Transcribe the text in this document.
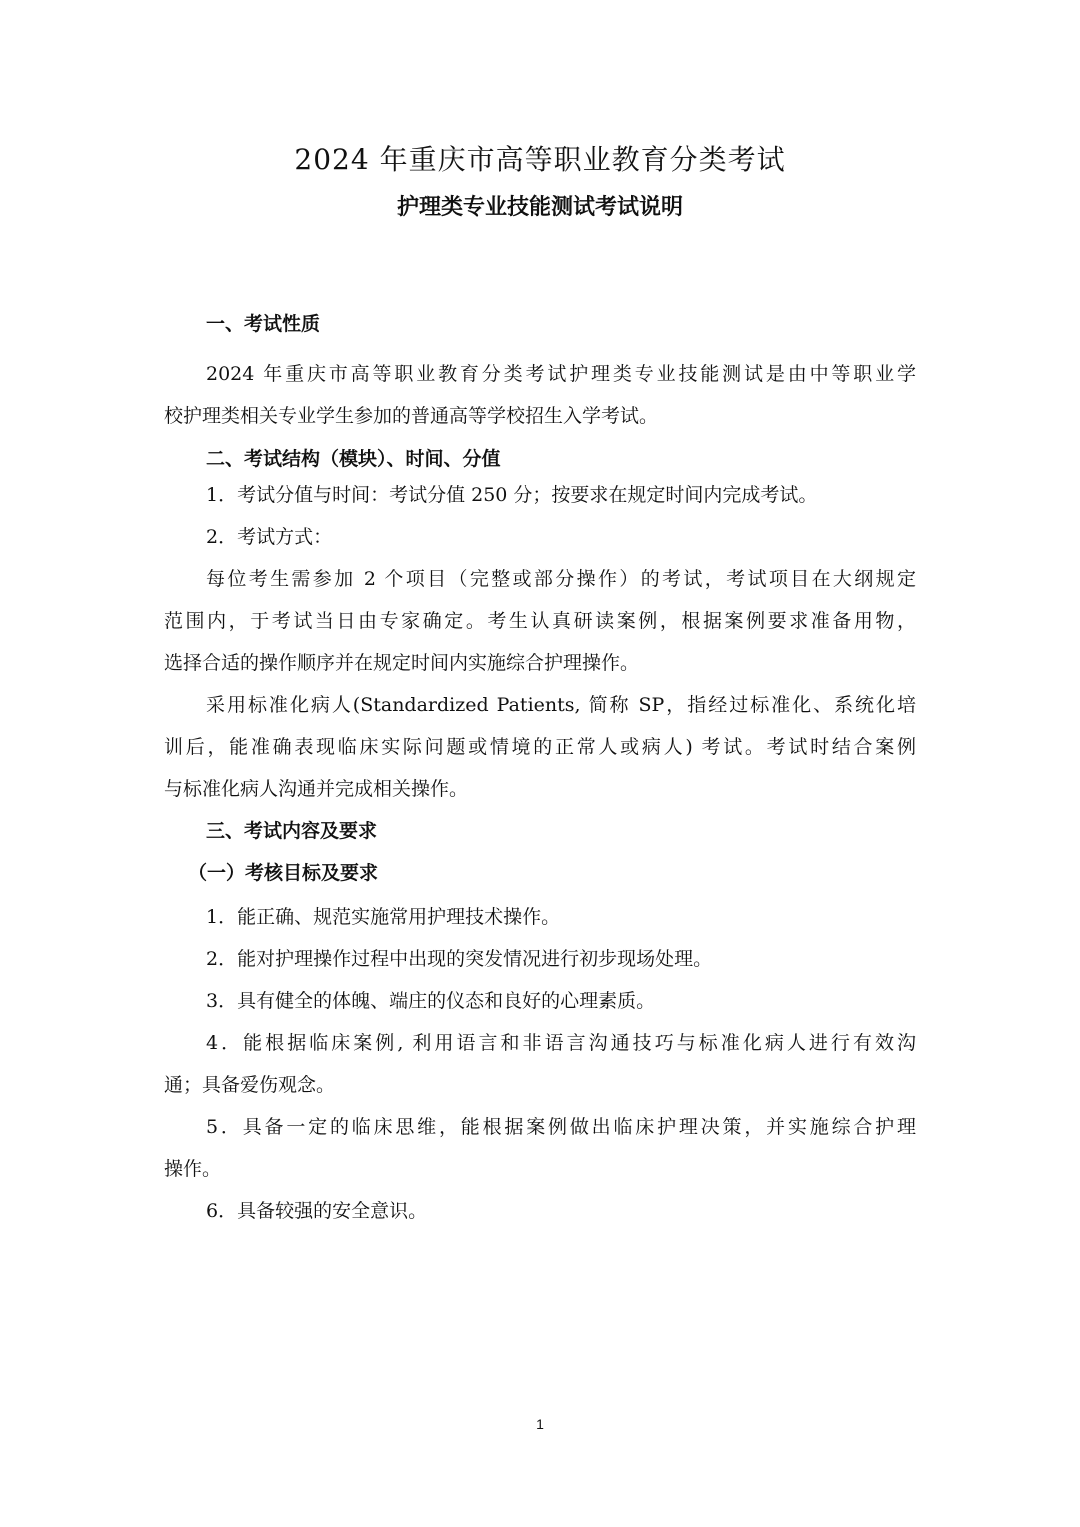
2024 年重庆市高等职业教育分类考试
护理类专业技能测试考试说明
一、考试性质
2024 年重庆市高等职业教育分类考试护理类专业技能测试是由中等职业学
校护理类相关专业学生参加的普通高等学校招生入学考试。
二、考试结构（模块）、时间、分值
1．考试分值与时间：考试分值 250 分；按要求在规定时间内完成考试。
2．考试方式：
每位考生需参加 2 个项目（完整或部分操作）的考试，考试项目在大纲规定
范围内，于考试当日由专家确定。考生认真研读案例，根据案例要求准备用物，
选择合适的操作顺序并在规定时间内实施综合护理操作。
采用标准化病人(Standardized Patients, 简称 SP，指经过标准化、系统化培
训后，能准确表现临床实际问题或情境的正常人或病人) 考试。考试时结合案例
与标准化病人沟通并完成相关操作。
三、考试内容及要求
（一）考核目标及要求
1．能正确、规范实施常用护理技术操作。
2．能对护理操作过程中出现的突发情况进行初步现场处理。
3．具有健全的体魄、端庄的仪态和良好的心理素质。
4．能根据临床案例, 利用语言和非语言沟通技巧与标准化病人进行有效沟
通；具备爱伤观念。
5．具备一定的临床思维，能根据案例做出临床护理决策，并实施综合护理
操作。
6．具备较强的安全意识。
1
